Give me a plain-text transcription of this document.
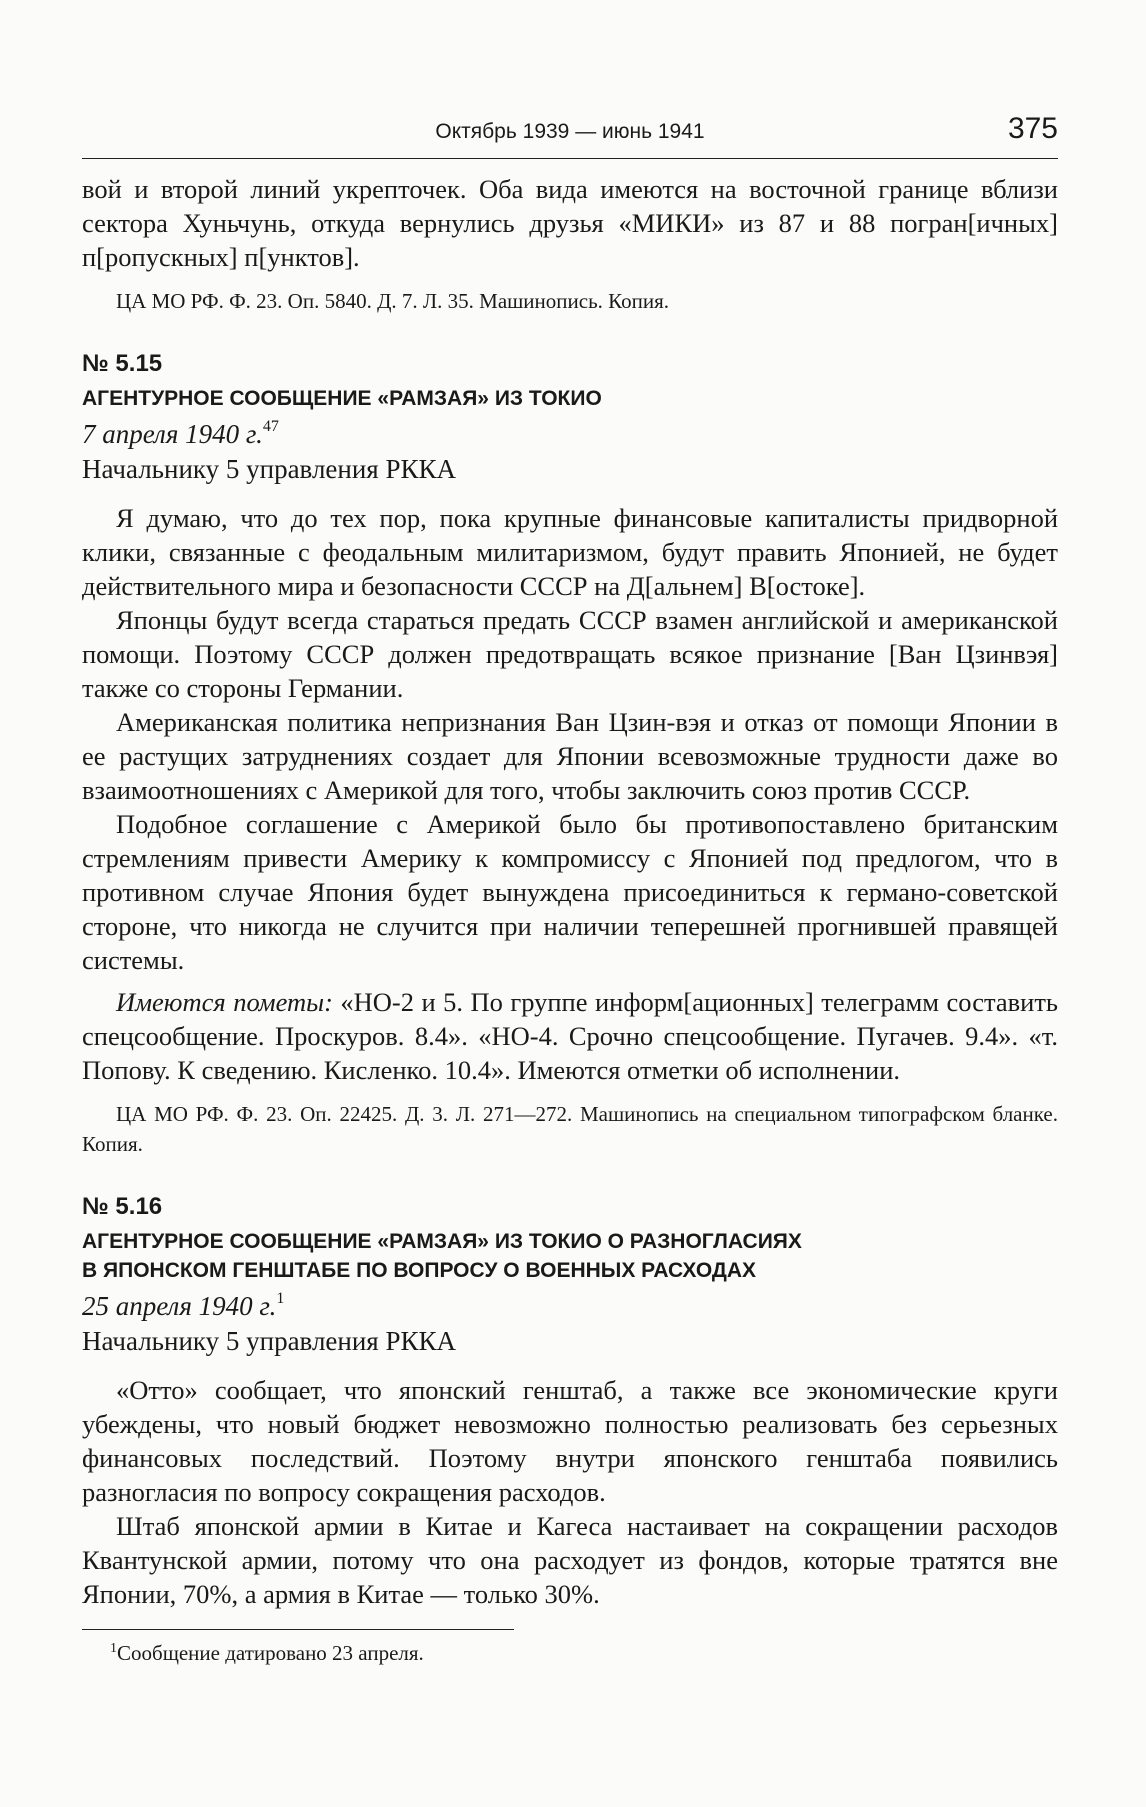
Октябрь 1939 — июнь 1941	375

вой и второй линий укрепточек. Оба вида имеются на восточной границе вблизи сектора Хуньчунь, откуда вернулись друзья «МИКИ» из 87 и 88 погран[ичных] п[ропускных] п[унктов].

ЦА МО РФ. Ф. 23. Оп. 5840. Д. 7. Л. 35. Машинопись. Копия.

№ 5.15
АГЕНТУРНОЕ СООБЩЕНИЕ «РАМЗАЯ» ИЗ ТОКИО
7 апреля 1940 г.$^{47}$
Начальнику 5 управления РККА

Я думаю, что до тех пор, пока крупные финансовые капиталисты придворной клики, связанные с феодальным милитаризмом, будут править Японией, не будет действительного мира и безопасности СССР на Д[альнем] В[остоке].

Японцы будут всегда стараться предать СССР взамен английской и американской помощи. Поэтому СССР должен предотвращать всякое признание [Ван Цзинвэя] также со стороны Германии.

Американская политика непризнания Ван Цзин-вэя и отказ от помощи Японии в ее растущих затруднениях создает для Японии всевозможные трудности даже во взаимоотношениях с Америкой для того, чтобы заключить союз против СССР.

Подобное соглашение с Америкой было бы противопоставлено британским стремлениям привести Америку к компромиссу с Японией под предлогом, что в противном случае Япония будет вынуждена присоединиться к германо-советской стороне, что никогда не случится при наличии теперешней прогнившей правящей системы.

Имеются пометы: «НО-2 и 5. По группе информ[ационных] телеграмм составить спецсообщение. Проскуров. 8.4». «НО-4. Срочно спецсообщение. Пугачев. 9.4». «т. Попову. К сведению. Кисленко. 10.4». Имеются отметки об исполнении.

ЦА МО РФ. Ф. 23. Оп. 22425. Д. 3. Л. 271—272. Машинопись на специальном типографском бланке. Копия.

№ 5.16
АГЕНТУРНОЕ СООБЩЕНИЕ «РАМЗАЯ» ИЗ ТОКИО О РАЗНОГЛАСИЯХ
В ЯПОНСКОМ ГЕНШТАБЕ ПО ВОПРОСУ О ВОЕННЫХ РАСХОДАХ
25 апреля 1940 г.$^1$
Начальнику 5 управления РККА

«Отто» сообщает, что японский генштаб, а также все экономические круги убеждены, что новый бюджет невозможно полностью реализовать без серьезных финансовых последствий. Поэтому внутри японского генштаба появились разногласия по вопросу сокращения расходов.

Штаб японской армии в Китае и Кагеса настаивает на сокращении расходов Квантунской армии, потому что она расходует из фондов, которые тратятся вне Японии, 70%, а армия в Китае — только 30%.

$^1$Сообщение датировано 23 апреля.
